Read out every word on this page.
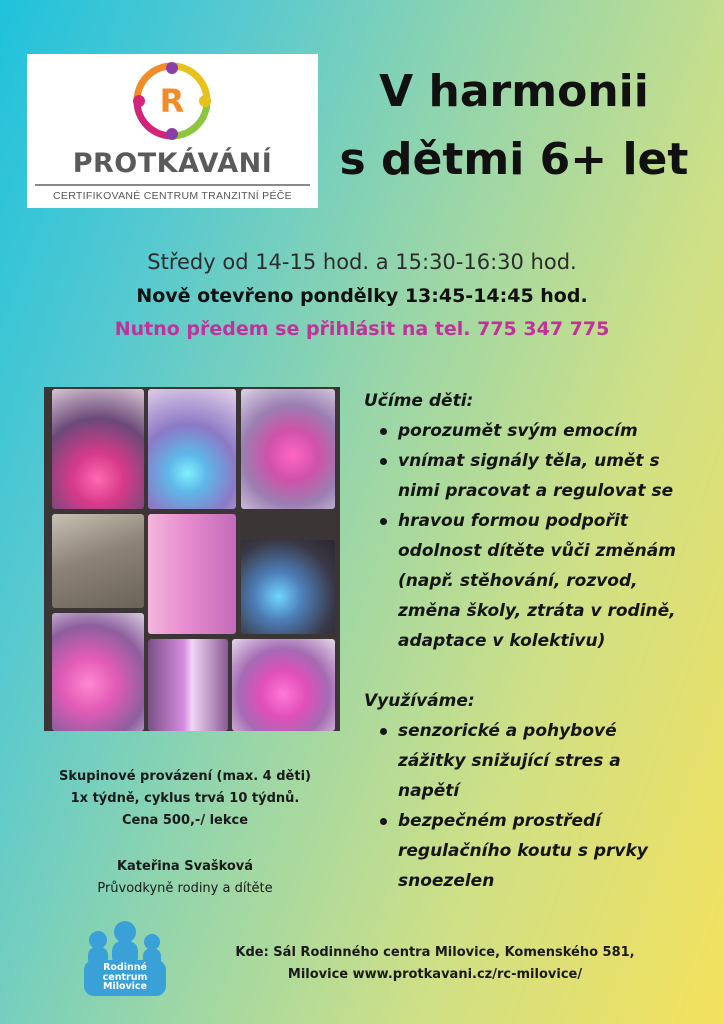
R
PROTKÁVÁNÍ
CERTIFIKOVANÉ CENTRUM TRANZITNÍ PÉČE
V harmonii
s dětmi 6+ let
Středy od 14-15 hod. a 15:30-16:30 hod.
Nově otevřeno pondělky 13:45-14:45 hod.
Nutno předem se přihlásit na tel. 775 347 775
Učíme děti:
porozumět svým emocím
vnímat signály těla, umět s
nimi pracovat a regulovat se
hravou formou podpořit
odolnost dítěte vůči změnám
(např. stěhování, rozvod,
změna školy, ztráta v rodině,
adaptace v kolektivu)
Využíváme:
senzorické a pohybové
zážitky snižující stres a
napětí
bezpečném prostředí
regulačního koutu s prvky
snoezelen
Skupinové provázení (max. 4 děti)
1x týdně, cyklus trvá 10 týdnů.
Cena 500,-/ lekce
Kateřina Svašková
Průvodkyně rodiny a dítěte
Rodinné
centrum
Milovice
Kde: Sál Rodinného centra Milovice, Komenského 581,
Milovice www.protkavani.cz/rc-milovice/
